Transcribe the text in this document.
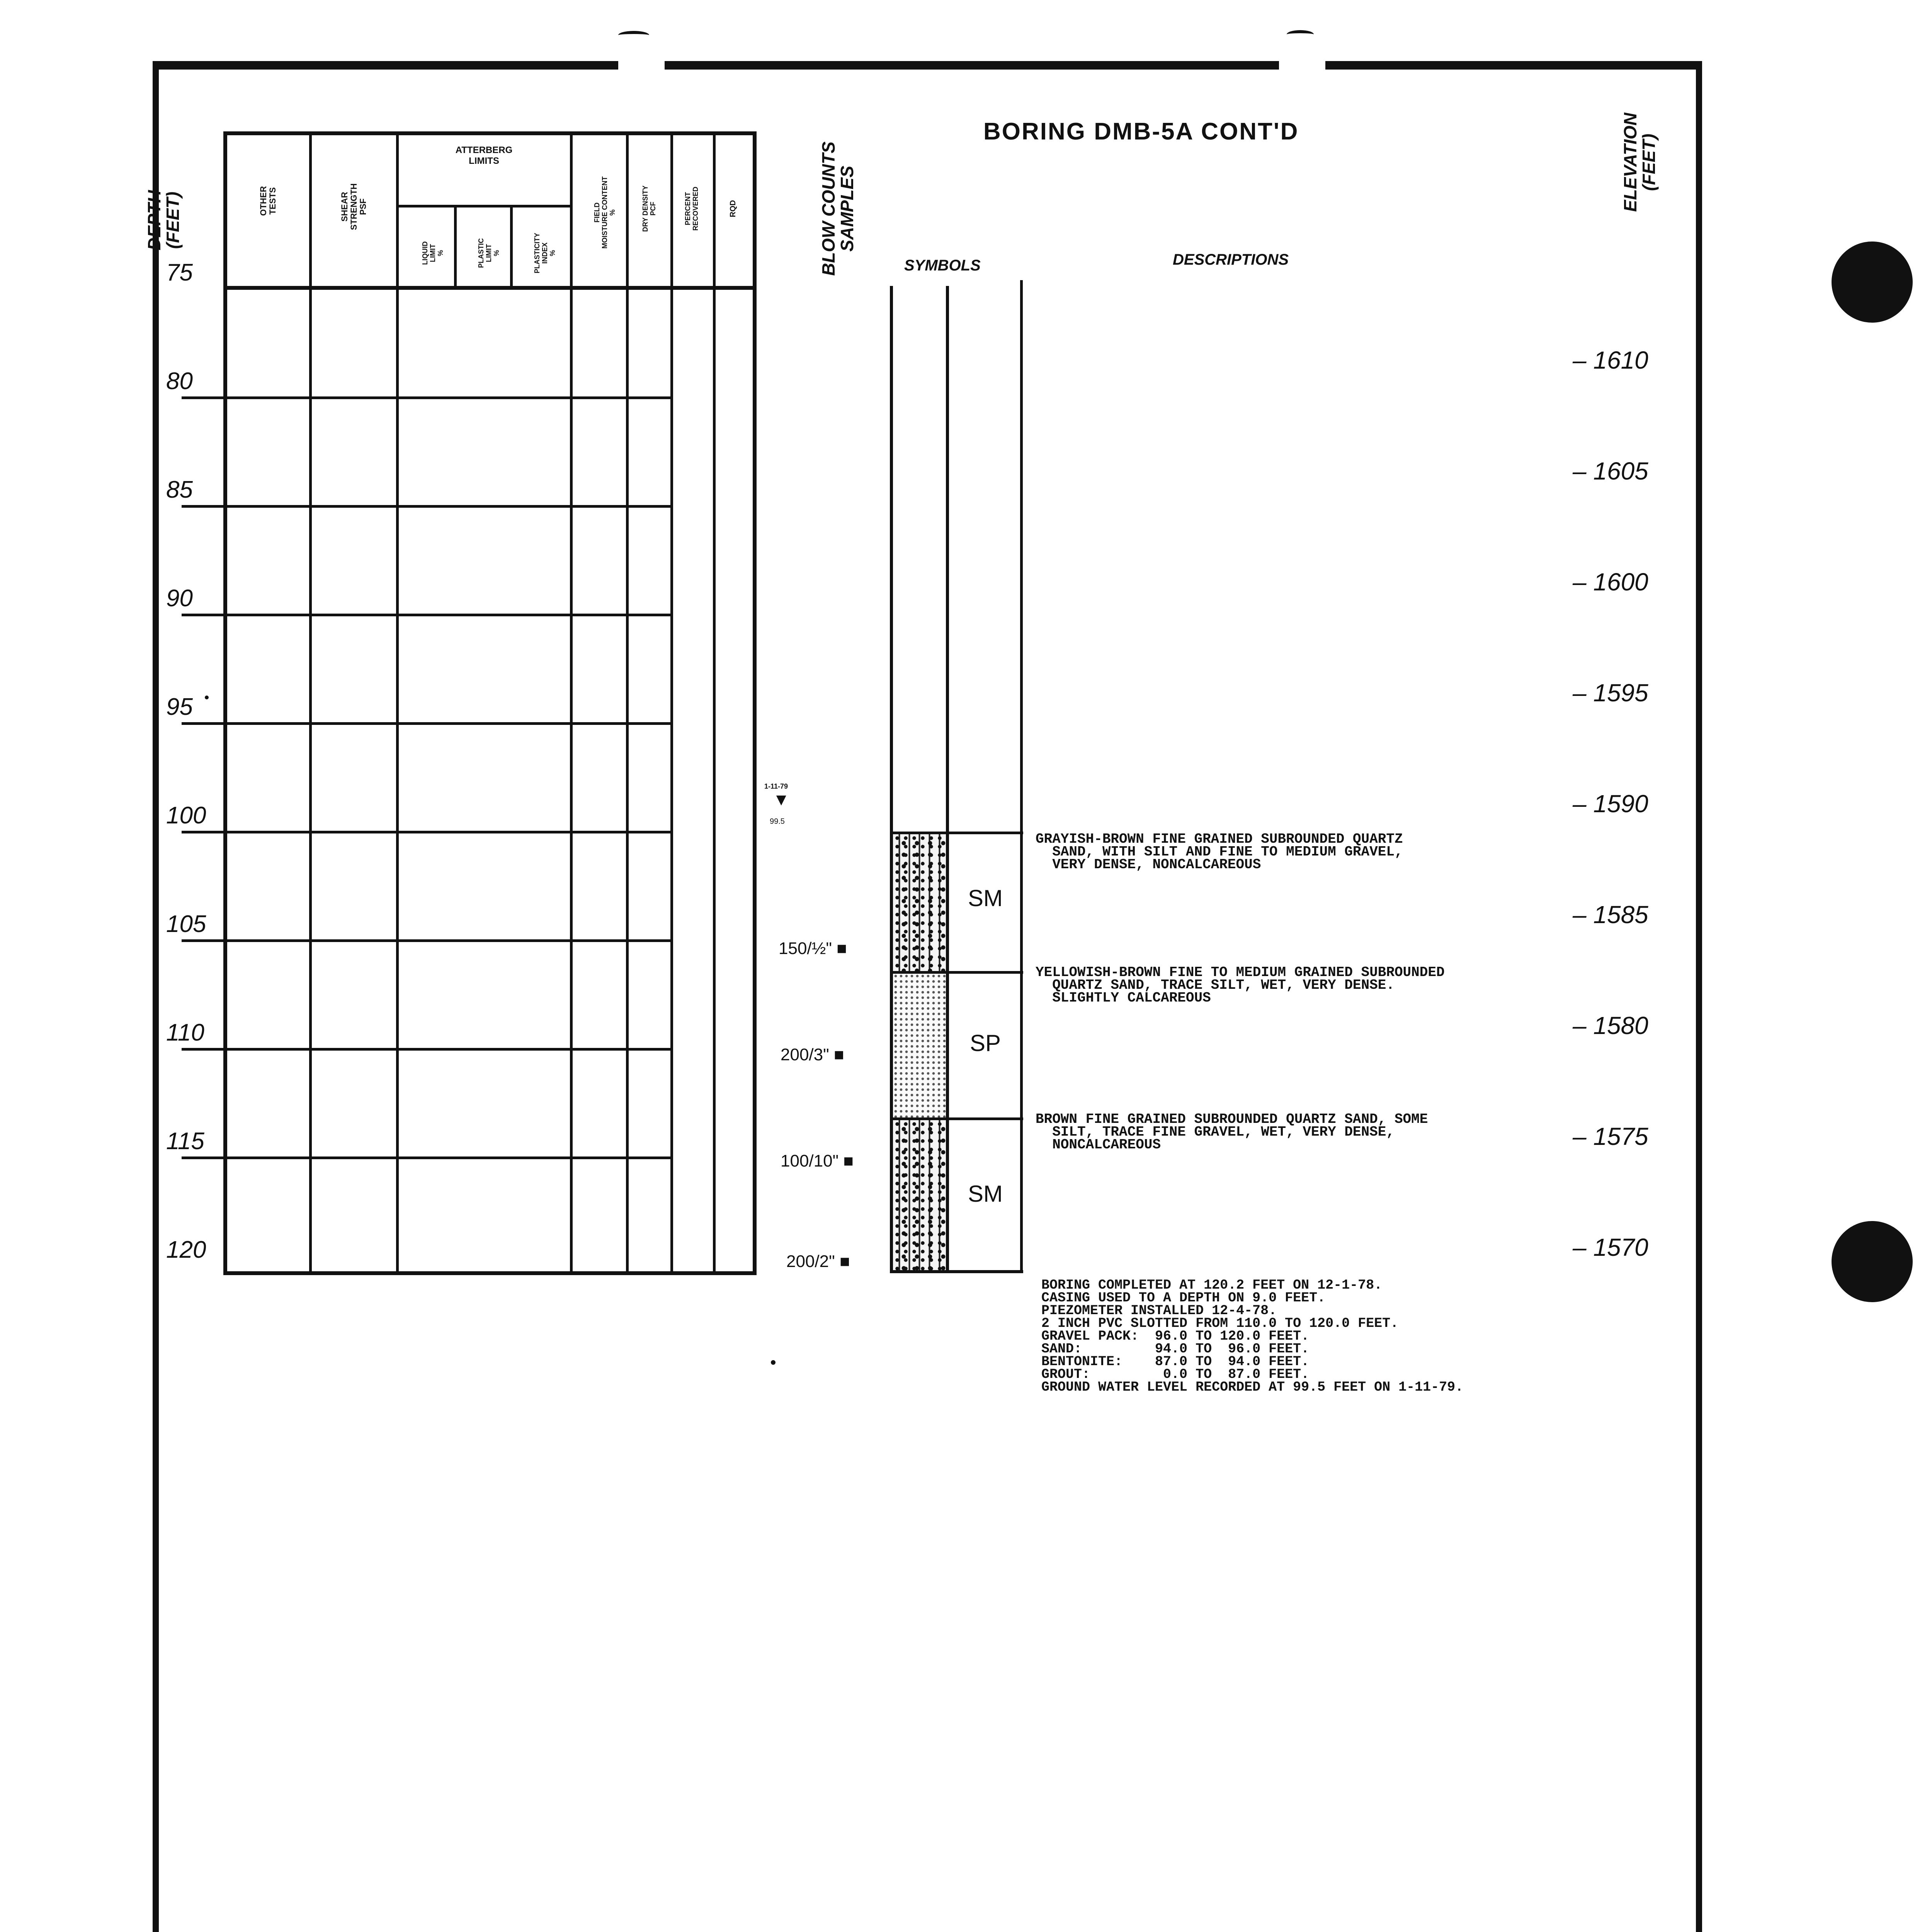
BORING DMB-5A CONT'D	ELEVATION
(FEET)
DEPTH
(FEET)	BLOW COUNTS
SAMPLES
SYMBOLS	DESCRIPTIONS
OTHER
TESTS	SHEAR
STRENGTH
PSF
ATTERBERG
LIMITS
LIQUID
LIMIT
%	PLASTIC
LIMIT
%	PLASTICITY
INDEX
%
FIELD
MOISTURE CONTENT
%
DRY DENSITY
PCF	PERCENT
RECOVERED	RQD
75
80
85
90
95
100
105
110
115
120
– 1610
– 1605
– 1600
– 1595
– 1590
– 1585
– 1580
– 1575
– 1570
SM
SP
SM
1-11-79
▼
99.5
150/½" ■
200/3" ■
100/10" ■
200/2" ■
GRAYISH-BROWN FINE GRAINED SUBROUNDED QUARTZ
SAND, WITH SILT AND FINE TO MEDIUM GRAVEL,
VERY DENSE, NONCALCAREOUS
YELLOWISH-BROWN FINE TO MEDIUM GRAINED SUBROUNDED
QUARTZ SAND, TRACE SILT, WET, VERY DENSE.
SLIGHTLY CALCAREOUS
BROWN FINE GRAINED SUBROUNDED QUARTZ SAND, SOME
SILT, TRACE FINE GRAVEL, WET, VERY DENSE,
NONCALCAREOUS
BORING COMPLETED AT 120.2 FEET ON 12-1-78.
CASING USED TO A DEPTH ON 9.0 FEET.
PIEZOMETER INSTALLED 12-4-78.
2 INCH PVC SLOTTED FROM 110.0 TO 120.0 FEET.
GRAVEL PACK:  96.0 TO 120.0 FEET.
SAND:         94.0 TO  96.0 FEET.
BENTONITE:    87.0 TO  94.0 FEET.
GROUT:         0.0 TO  87.0 FEET.
GROUND WATER LEVEL RECORDED AT 99.5 FEET ON 1-11-79.
